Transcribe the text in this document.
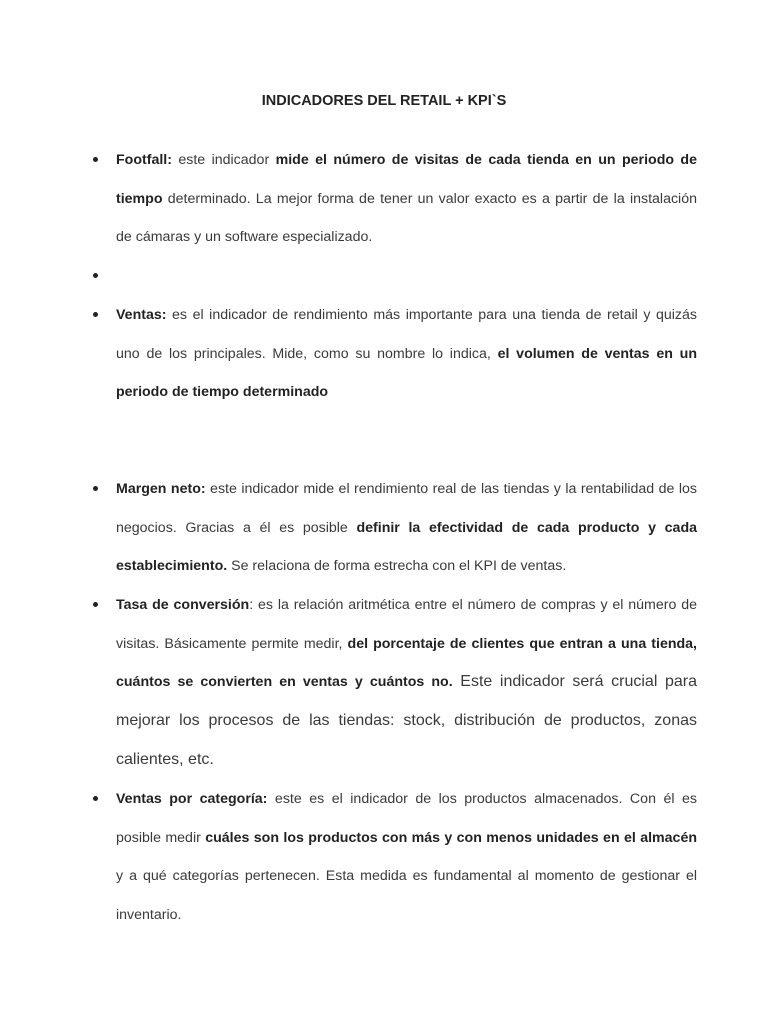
INDICADORES DEL RETAIL + KPI`S
Footfall: este indicador mide el número de visitas de cada tienda en un periodo de tiempo determinado. La mejor forma de tener un valor exacto es a partir de la instalación de cámaras y un software especializado.
Ventas: es el indicador de rendimiento más importante para una tienda de retail y quizás uno de los principales. Mide, como su nombre lo indica, el volumen de ventas en un periodo de tiempo determinado
Margen neto: este indicador mide el rendimiento real de las tiendas y la rentabilidad de los negocios. Gracias a él es posible definir la efectividad de cada producto y cada establecimiento. Se relaciona de forma estrecha con el KPI de ventas.
Tasa de conversión: es la relación aritmética entre el número de compras y el número de visitas. Básicamente permite medir, del porcentaje de clientes que entran a una tienda, cuántos se convierten en ventas y cuántos no. Este indicador será crucial para mejorar los procesos de las tiendas: stock, distribución de productos, zonas calientes, etc.
Ventas por categoría: este es el indicador de los productos almacenados. Con él es posible medir cuáles son los productos con más y con menos unidades en el almacén y a qué categorías pertenecen. Esta medida es fundamental al momento de gestionar el inventario.
